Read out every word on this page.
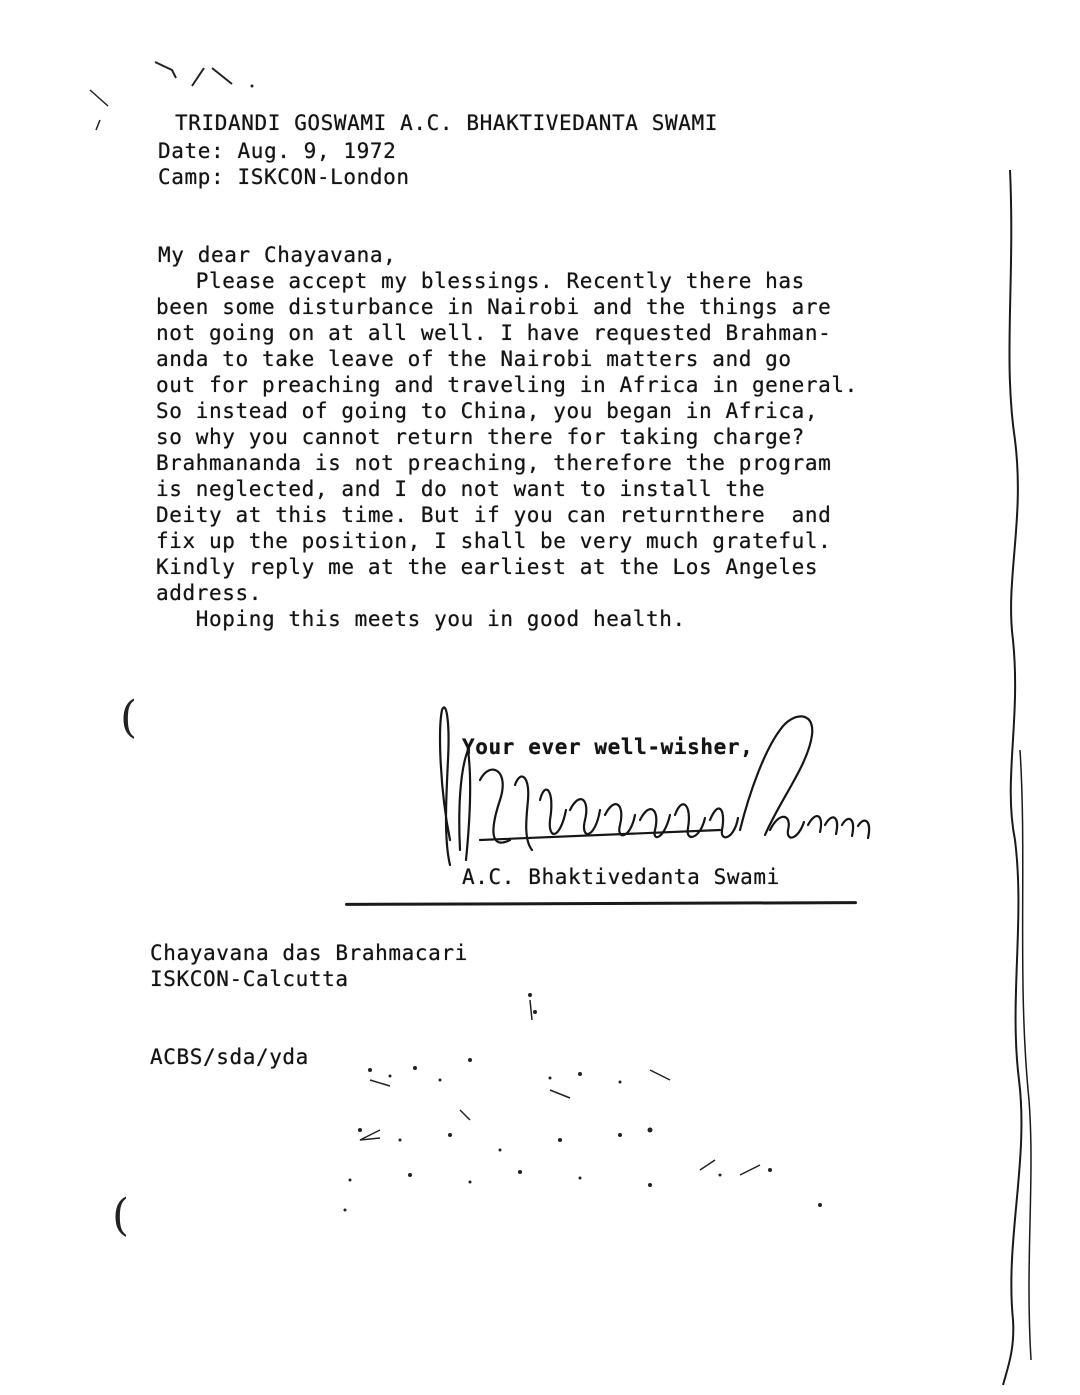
TRIDANDI GOSWAMI A.C. BHAKTIVEDANTA SWAMI
Date: Aug. 9, 1972
Camp: ISKCON-London
My dear Chayavana,
Please accept my blessings. Recently there has
been some disturbance in Nairobi and the things are
not going on at all well. I have requested Brahman-
anda to take leave of the Nairobi matters and go
out for preaching and traveling in Africa in general.
So instead of going to China, you began in Africa,
so why you cannot return there for taking charge?
Brahmananda is not preaching, therefore the program
is neglected, and I do not want to install the
Deity at this time. But if you can returnthere  and
fix up the position, I shall be very much grateful.
Kindly reply me at the earliest at the Los Angeles
address.
Hoping this meets you in good health.
(
(
Your ever well-wisher,
A.C. Bhaktivedanta Swami
Chayavana das Brahmacari
ISKCON-Calcutta
ACBS/sda/yda
